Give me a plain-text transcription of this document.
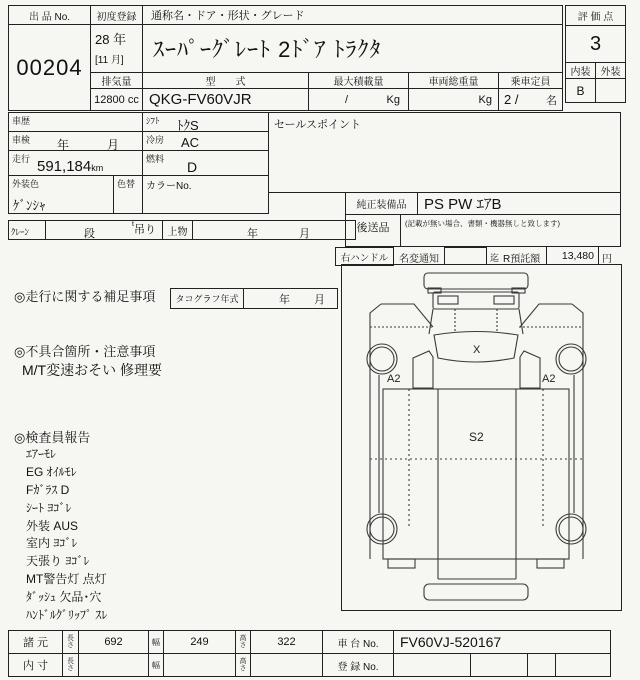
出 品 No.
00204
初度登録
28 年
[11 月]
通称名・ドア・形状・グレード
ｽｰﾊﾟｰｸﾞﾚｰﾄ 2ﾄﾞｱ ﾄﾗｸﾀ
排気量
12800 cc
型　　式
QKG-FV60VJR
最大積載量
/	Kg
車両総重量
Kg
乗車定員
2 /	名
評 価 点
3
内装 外装
B
車歴	ｼﾌﾄ ﾄｸS
車検 年	月	冷房 AC
走行 591,184km
燃料 D
外装色
ｹﾞﾝｼｬ
色替 カラーNo.
ｸﾚｰﾝ	段
t 吊り 上物	年	月
セールスポイント
純正装備品 PS PW ｴｱB
後送品	(記載が無い場合、書類・機器無しと致します)
右ハンドル 名変通知	迄 R預託額 13,480 円
◎走行に関する補足事項 タコグラフ年式	年 月
◎不具合箇所・注意事項
M/T変速おそい 修理要
◎検査員報告
ｴｱｰﾓﾚ
EG ｵｲﾙﾓﾚ
Fｶﾞﾗｽ D
ｼｰﾄ ﾖｺﾞﾚ
外装 AUS
室内 ﾖｺﾞﾚ
天張り ﾖｺﾞﾚ
MT警告灯 点灯
ﾀﾞｯｼｭ 欠品･穴
ﾊﾝﾄﾞﾙｸﾞﾘｯﾌﾟ ｽﾚ
X
A2	A2
S2
諸 元	長さ	692	幅	249	高さ	322	車 台 No. FV60VJ-520167
内 寸	長さ	幅	高さ	登 録 No.
